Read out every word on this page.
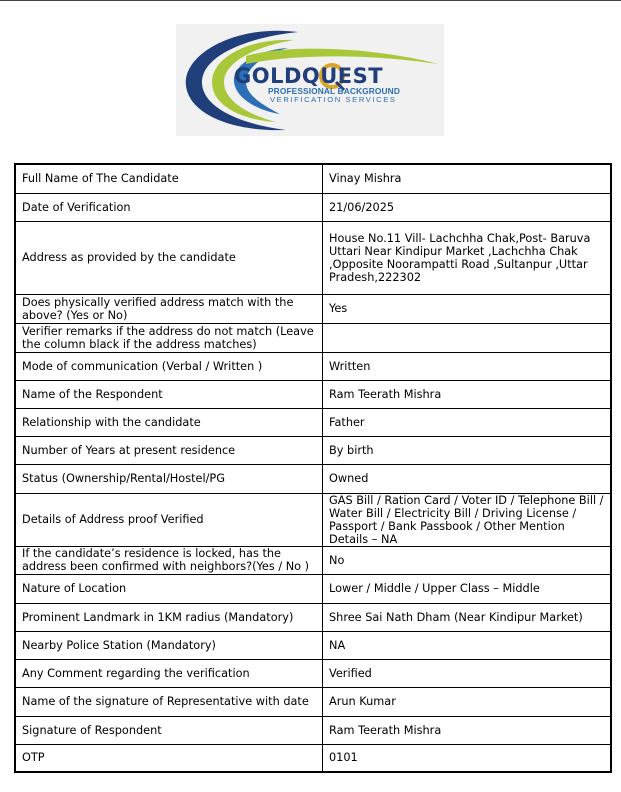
GOLDQUEST
PROFESSIONAL BACKGROUND
VERIFICATION SERVICES
Full Name of The Candidate	Vinay Mishra
Date of Verification	21/06/2025
Address as provided by the candidate	House No.11 Vill- Lachchha Chak,Post- Baruva Uttari Near Kindipur Market ,Lachchha Chak ,Opposite Noorampatti Road ,Sultanpur ,Uttar Pradesh,222302
Does physically verified address match with the above? (Yes or No)	Yes
Verifier remarks if the address do not match (Leave the column black if the address matches)	
Mode of communication (Verbal / Written )	Written
Name of the Respondent	Ram Teerath Mishra
Relationship with the candidate	Father
Number of Years at present residence	By birth
Status (Ownership/Rental/Hostel/PG	Owned
Details of Address proof Verified	GAS Bill / Ration Card / Voter ID / Telephone Bill / Water Bill / Electricity Bill / Driving License / Passport / Bank Passbook / Other Mention Details – NA
If the candidate’s residence is locked, has the address been confirmed with neighbors?(Yes / No )	No
Nature of Location	Lower / Middle / Upper Class – Middle
Prominent Landmark in 1KM radius (Mandatory)	Shree Sai Nath Dham (Near Kindipur Market)
Nearby Police Station (Mandatory)	NA
Any Comment regarding the verification	Verified
Name of the signature of Representative with date	Arun Kumar
Signature of Respondent	Ram Teerath Mishra
OTP	0101
